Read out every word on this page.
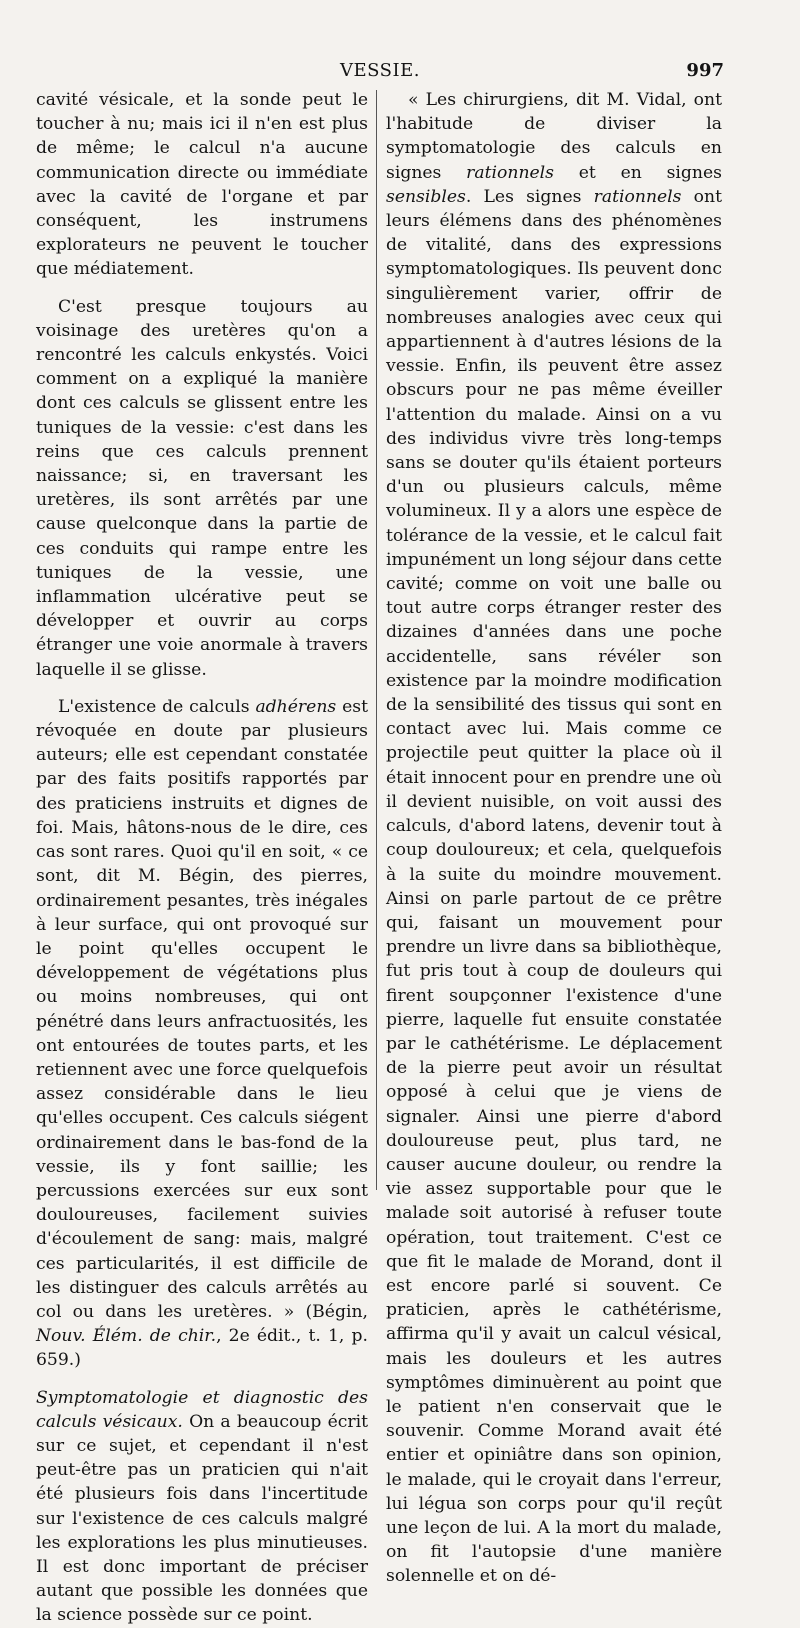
VESSIE.	997

cavité vésicale, et la sonde peut le toucher à nu; mais ici il n'en est plus de même; le calcul n'a aucune communication directe ou immédiate avec la cavité de l'organe et par conséquent, les instrumens explorateurs ne peuvent le toucher que médiatement.

C'est presque toujours au voisinage des uretères qu'on a rencontré les calculs enkystés. Voici comment on a expliqué la manière dont ces calculs se glissent entre les tuniques de la vessie: c'est dans les reins que ces calculs prennent naissance; si, en traversant les uretères, ils sont arrêtés par une cause quelconque dans la partie de ces conduits qui rampe entre les tuniques de la vessie, une inflammation ulcérative peut se développer et ouvrir au corps étranger une voie anormale à travers laquelle il se glisse.

L'existence de calculs adhérens est révoquée en doute par plusieurs auteurs; elle est cependant constatée par des faits positifs rapportés par des praticiens instruits et dignes de foi. Mais, hâtons-nous de le dire, ces cas sont rares. Quoi qu'il en soit, « ce sont, dit M. Bégin, des pierres, ordinairement pesantes, très inégales à leur surface, qui ont provoqué sur le point qu'elles occupent le développement de végétations plus ou moins nombreuses, qui ont pénétré dans leurs anfractuosités, les ont entourées de toutes parts, et les retiennent avec une force quelquefois assez considérable dans le lieu qu'elles occupent. Ces calculs siégent ordinairement dans le bas-fond de la vessie, ils y font saillie; les percussions exercées sur eux sont douloureuses, facilement suivies d'écoulement de sang: mais, malgré ces particularités, il est difficile de les distinguer des calculs arrêtés au col ou dans les uretères. » (Bégin, Nouv. Élém. de chir., 2e édit., t. 1, p. 659.)

Symptomatologie et diagnostic des calculs vésicaux. On a beaucoup écrit sur ce sujet, et cependant il n'est peut-être pas un praticien qui n'ait été plusieurs fois dans l'incertitude sur l'existence de ces calculs malgré les explorations les plus minutieuses. Il est donc important de préciser autant que possible les données que la science possède sur ce point.

« Les chirurgiens, dit M. Vidal, ont l'habitude de diviser la symptomatologie des calculs en signes rationnels et en signes sensibles. Les signes rationnels ont leurs élémens dans des phénomènes de vitalité, dans des expressions symptomatologiques. Ils peuvent donc singulièrement varier, offrir de nombreuses analogies avec ceux qui appartiennent à d'autres lésions de la vessie. Enfin, ils peuvent être assez obscurs pour ne pas même éveiller l'attention du malade. Ainsi on a vu des individus vivre très long-temps sans se douter qu'ils étaient porteurs d'un ou plusieurs calculs, même volumineux. Il y a alors une espèce de tolérance de la vessie, et le calcul fait impunément un long séjour dans cette cavité; comme on voit une balle ou tout autre corps étranger rester des dizaines d'années dans une poche accidentelle, sans révéler son existence par la moindre modification de la sensibilité des tissus qui sont en contact avec lui. Mais comme ce projectile peut quitter la place où il était innocent pour en prendre une où il devient nuisible, on voit aussi des calculs, d'abord latens, devenir tout à coup douloureux; et cela, quelquefois à la suite du moindre mouvement. Ainsi on parle partout de ce prêtre qui, faisant un mouvement pour prendre un livre dans sa bibliothèque, fut pris tout à coup de douleurs qui firent soupçonner l'existence d'une pierre, laquelle fut ensuite constatée par le cathétérisme. Le déplacement de la pierre peut avoir un résultat opposé à celui que je viens de signaler. Ainsi une pierre d'abord douloureuse peut, plus tard, ne causer aucune douleur, ou rendre la vie assez supportable pour que le malade soit autorisé à refuser toute opération, tout traitement. C'est ce que fit le malade de Morand, dont il est encore parlé si souvent. Ce praticien, après le cathétérisme, affirma qu'il y avait un calcul vésical, mais les douleurs et les autres symptômes diminuèrent au point que le patient n'en conservait que le souvenir. Comme Morand avait été entier et opiniâtre dans son opinion, le malade, qui le croyait dans l'erreur, lui légua son corps pour qu'il reçût une leçon de lui. A la mort du malade, on fit l'autopsie d'une manière solennelle et on dé-
